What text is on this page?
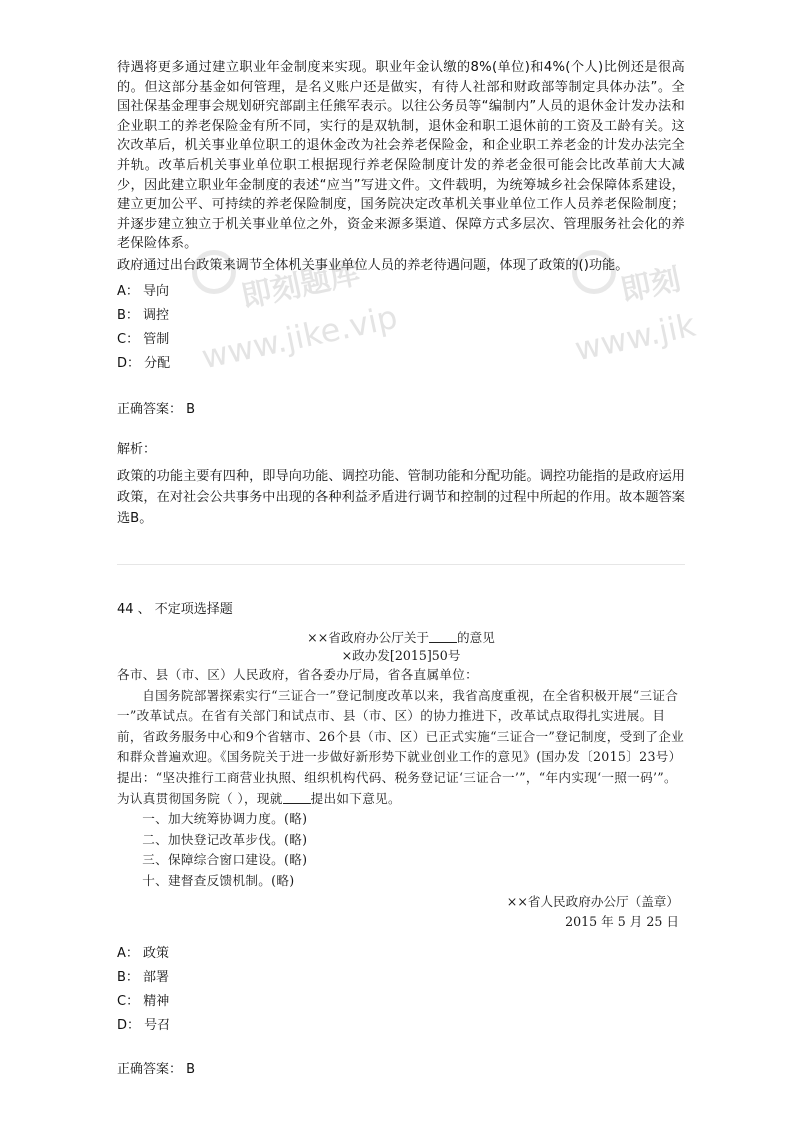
即刻题库
www.jike.vip
即刻
www.jik

待遇将更多通过建立职业年金制度来实现。职业年金认缴的8%(单位)和4%(个人)比例还是很高的。但这部分基金如何管理，是名义账户还是做实，有待人社部和财政部等制定具体办法”。全国社保基金理事会规划研究部副主任熊军表示。以往公务员等“编制内”人员的退休金计发办法和企业职工的养老保险金有所不同，实行的是双轨制，退休金和职工退休前的工资及工龄有关。这次改革后，机关事业单位职工的退休金改为社会养老保险金，和企业职工养老金的计发办法完全并轨。改革后机关事业单位职工根据现行养老保险制度计发的养老金很可能会比改革前大大减少，因此建立职业年金制度的表述“应当”写进文件。文件载明，为统筹城乡社会保障体系建设，建立更加公平、可持续的养老保险制度，国务院决定改革机关事业单位工作人员养老保险制度；并逐步建立独立于机关事业单位之外，资金来源多渠道、保障方式多层次、管理服务社会化的养老保险体系。

政府通过出台政策来调节全体机关事业单位人员的养老待遇问题，体现了政策的()功能。

A： 导向
B： 调控
C： 管制
D： 分配
正确答案： B
解析：
政策的功能主要有四种，即导向功能、调控功能、管制功能和分配功能。调控功能指的是政府运用政策，在对社会公共事务中出现的各种利益矛盾进行调节和控制的过程中所起的作用。故本题答案选B。
44 、 不定项选择题
××省政府办公厅关于 的意见
×政办发[2015]50号
各市、县（市、区）人民政府，省各委办厅局，省各直属单位：
自国务院部署探索实行“三证合一”登记制度改革以来，我省高度重视，在全省积极开展“三证合一”改革试点。在省有关部门和试点市、县（市、区）的协力推进下，改革试点取得扎实进展。目前，省政务服务中心和9个省辖市、26个县（市、区）已正式实施“三证合一”登记制度，受到了企业和群众普遍欢迎。《国务院关于进一步做好新形势下就业创业工作的意见》(国办发〔2015〕23号）提出：“坚决推行工商营业执照、组织机构代码、税务登记证‘三证合一’”，“年内实现‘一照一码’”。为认真贯彻国务院（ ），现就 提出如下意见。
一、加大统筹协调力度。(略)
二、加快登记改革步伐。(略)
三、保障综合窗口建设。(略)
十、建督查反馈机制。(略)
××省人民政府办公厅（盖章）
2015 年 5 月 25 日
A： 政策
B： 部署
C： 精神
D： 号召
正确答案： B
